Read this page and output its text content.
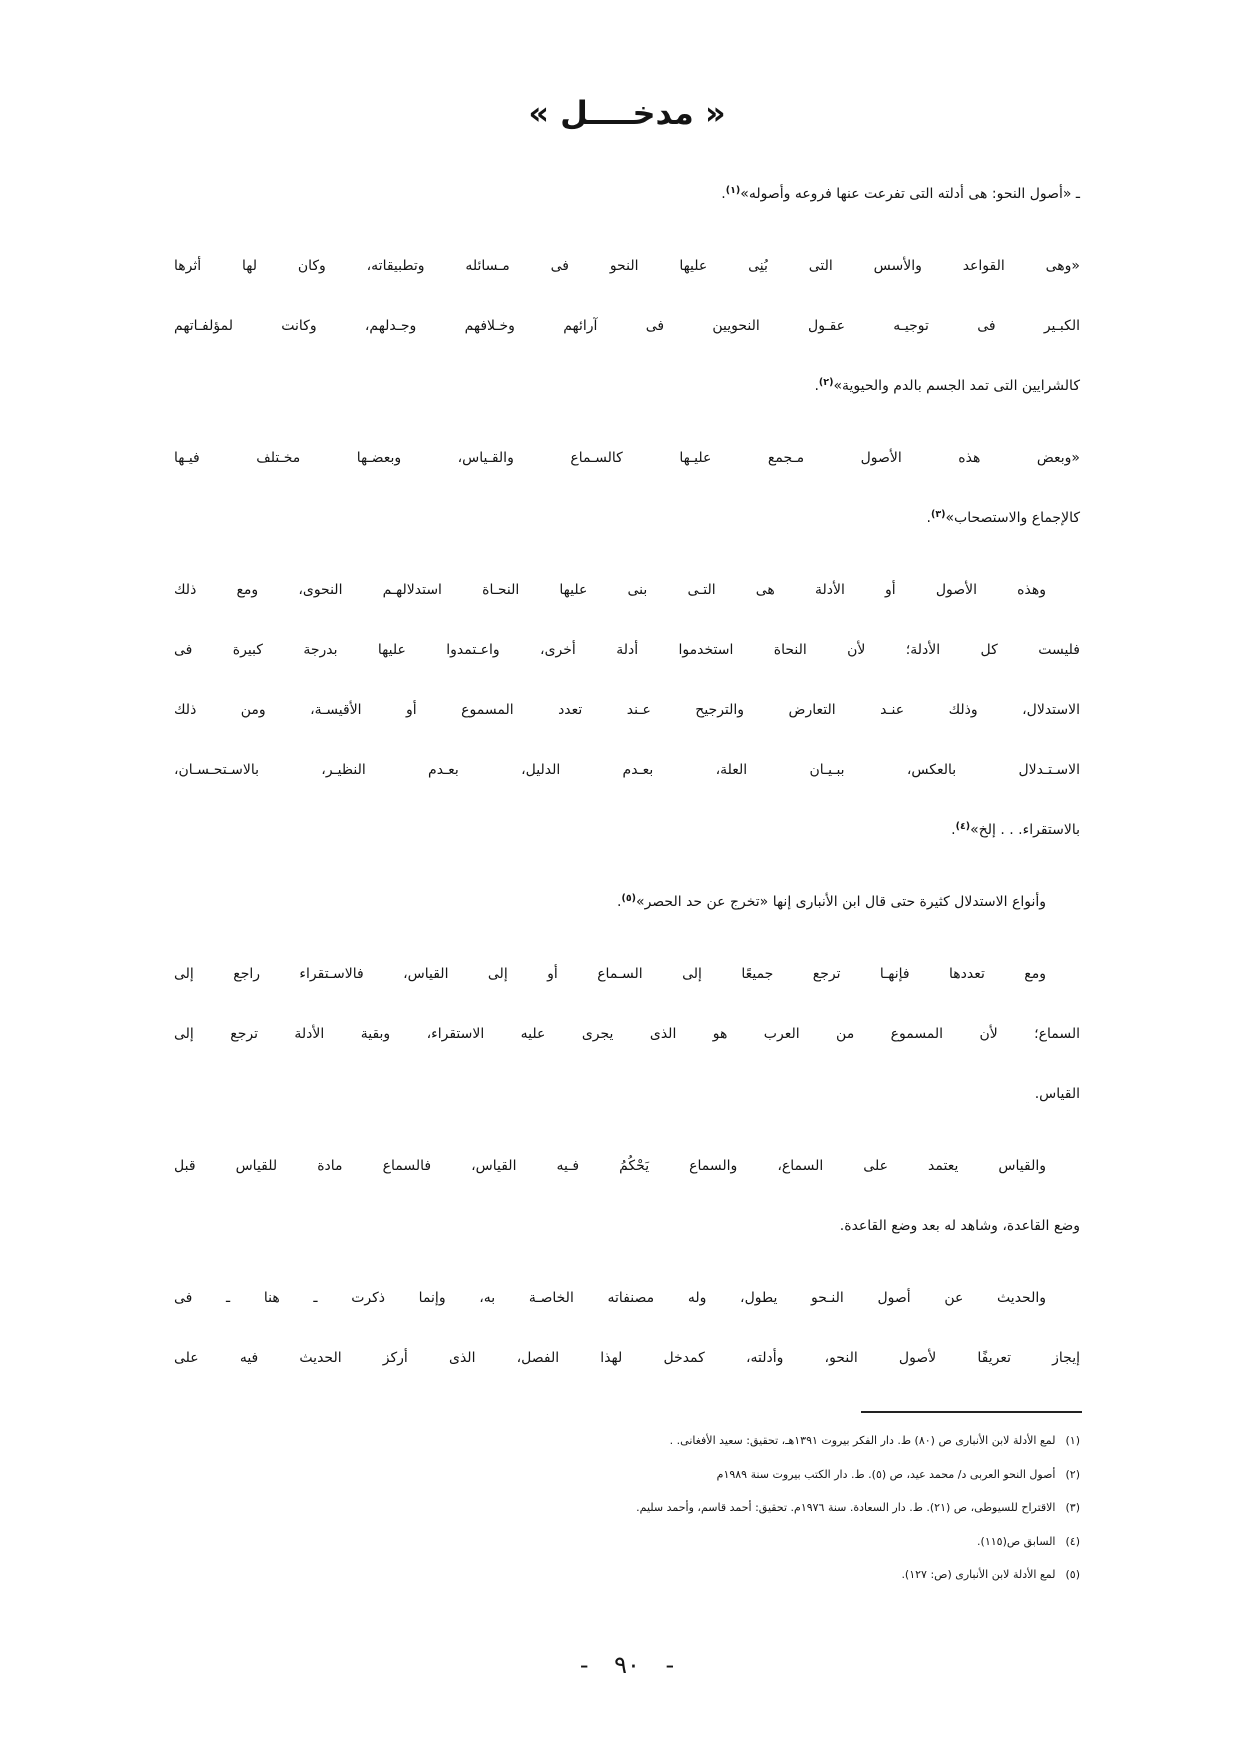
« مدخــــل »
ـ «أصول النحو: هى أدلته التى تفرعت عنها فروعه وأصوله»$^{(١)}$.
«وهى القواعد والأسس التى بُنِى عليها النحو فى مـسائله وتطبيقاته، وكان لها أثرها
الكبـير فى توجيـه عقـول النحويين فى آرائهم وخـلافهم وجـدلهم، وكانت لمؤلفـاتهم
كالشرايين التى تمد الجسم بالدم والحيوية»$^{(٢)}$.
«وبعض هذه الأصول مـجمع عليـها كالسـماع والقـياس، وبعضـها مخـتلف فيـها
كالإجماع والاستصحاب»$^{(٣)}$.
وهذه الأصول أو الأدلة هى التـى بنى عليها النحـاة استدلالهـم النحوى، ومع ذلك
فليست كل الأدلة؛ لأن النحاة استخدموا أدلة أخرى، واعـتمدوا عليها بدرجة كبيرة فى
الاستدلال، وذلك عنـد التعارض والترجيح عـند تعدد المسموع أو الأقيسـة، ومن ذلك
الاسـتـدلال بالعكس، ببـيـان العلة، بعـدم الدليل، بعـدم النظيـر، بالاسـتحـسـان،
بالاستقراء. . . إلخ»$^{(٤)}$.
وأنواع الاستدلال كثيرة حتى قال ابن الأنبارى إنها «تخرج عن حد الحصر»$^{(٥)}$.
ومع تعددها فإنهـا ترجع جميعًا إلى السـماع أو إلى القياس، فالاسـتقراء راجع إلى
السماع؛ لأن المسموع من العرب هو الذى يجرى عليه الاستقراء، وبقية الأدلة ترجع إلى
القياس.
والقياس يعتمد على السماع، والسماع يَحْكُمُ فـيه القياس، فالسماع مادة للقياس قبل
وضع القاعدة، وشاهد له بعد وضع القاعدة.
والحديث عن أصول النـحو يطول، وله مصنفاته الخاصـة به، وإنما ذكرت ـ هنا ـ فى
إيجاز تعريفًا لأصول النحو، وأدلته، كمدخل لهذا الفصل، الذى أركز الحديث فيه على
(١)لمع الأدلة لابن الأنبارى ص (٨٠) ط. دار الفكر بيروت ١٣٩١هـ، تحقيق: سعيد الأفغانى. .
(٢)أصول النحو العربى د/ محمد عيد، ص (٥). ط. دار الكتب بيروت سنة ١٩٨٩م
(٣)الاقتراح للسيوطى، ص (٢١). ط. دار السعادة. سنة ١٩٧٦م. تحقيق: أحمد قاسم، وأحمد سليم.
(٤)السابق ص(١١٥).
(٥)لمع الأدلة لابن الأنبارى (ص: ١٢٧).
- ٩٠ -
